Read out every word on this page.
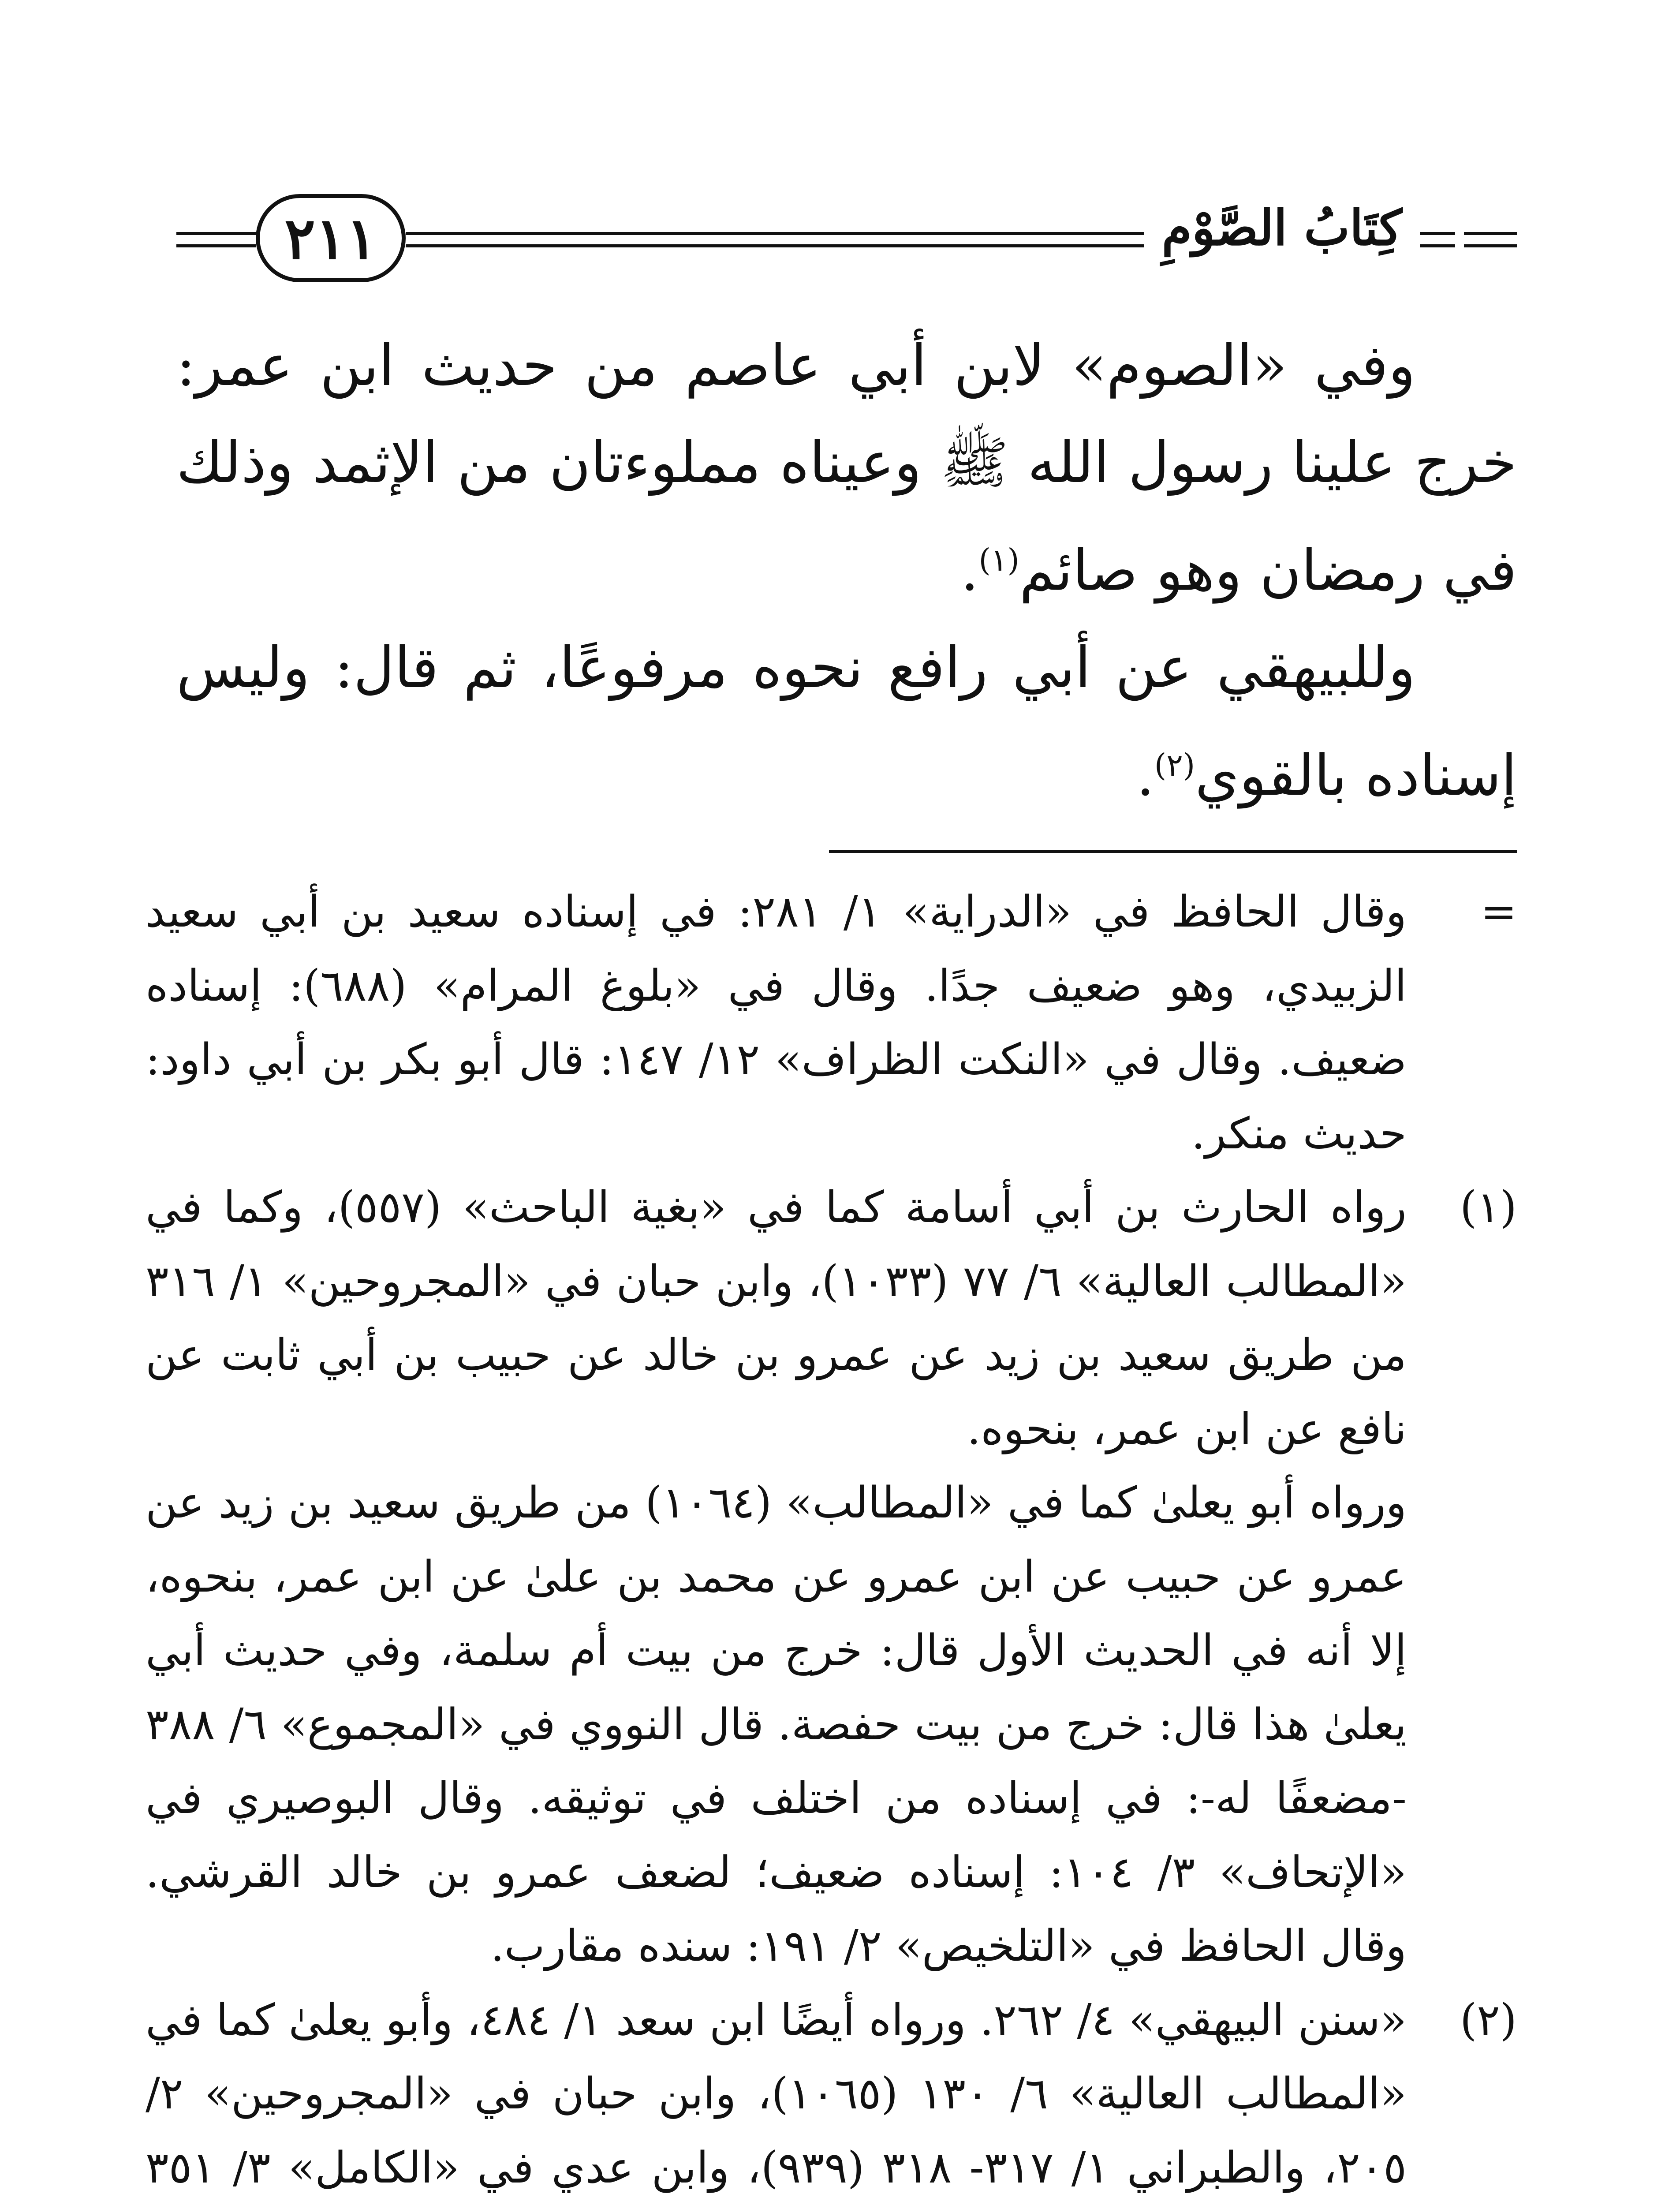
٢١١	كِتَابُ الصَّوْمِ

وفي «الصوم» لابن أبي عاصم من حديث ابن عمر: خرج علينا رسول الله ﷺ وعيناه مملوءتان من الإثمد وذلك في رمضان وهو صائم$^{(١)}$.

وللبيهقي عن أبي رافع نحوه مرفوعًا، ثم قال: وليس إسناده بالقوي$^{(٢)}$.

=

وقال الحافظ في «الدراية» ١/ ٢٨١: في إسناده سعيد بن أبي سعيد الزبيدي، وهو ضعيف جدًا. وقال في «بلوغ المرام» (٦٨٨): إسناده ضعيف. وقال في «النكت الظراف» ١٢/ ١٤٧: قال أبو بكر بن أبي داود: حديث منكر.

(١)

رواه الحارث بن أبي أسامة كما في «بغية الباحث» (٥٥٧)، وكما في «المطالب العالية» ٦/ ٧٧ (١٠٣٣)، وابن حبان في «المجروحين» ١/ ٣١٦ من طريق سعيد بن زيد عن عمرو بن خالد عن حبيب بن أبي ثابت عن نافع عن ابن عمر، بنحوه.

ورواه أبو يعلىٰ كما في «المطالب» (١٠٦٤) من طريق سعيد بن زيد عن عمرو عن حبيب عن ابن عمرو عن محمد بن علىٰ عن ابن عمر، بنحوه، إلا أنه في الحديث الأول قال: خرج من بيت أم سلمة، وفي حديث أبي يعلىٰ هذا قال: خرج من بيت حفصة. قال النووي في «المجموع» ٦/ ٣٨٨ -مضعفًا له-: في إسناده من اختلف في توثيقه. وقال البوصيري في «الإتحاف» ٣/ ١٠٤: إسناده ضعيف؛ لضعف عمرو بن خالد القرشي. وقال الحافظ في «التلخيص» ٢/ ١٩١: سنده مقارب.

(٢)

«سنن البيهقي» ٤/ ٢٦٢. ورواه أيضًا ابن سعد ١/ ٤٨٤، وأبو يعلىٰ كما في «المطالب العالية» ٦/ ١٣٠ (١٠٦٥)، وابن حبان في «المجروحين» ٢/ ٢٠٥، والطبراني ١/ ٣١٧- ٣١٨ (٩٣٩)، وابن عدي في «الكامل» ٣/ ٣٥١
